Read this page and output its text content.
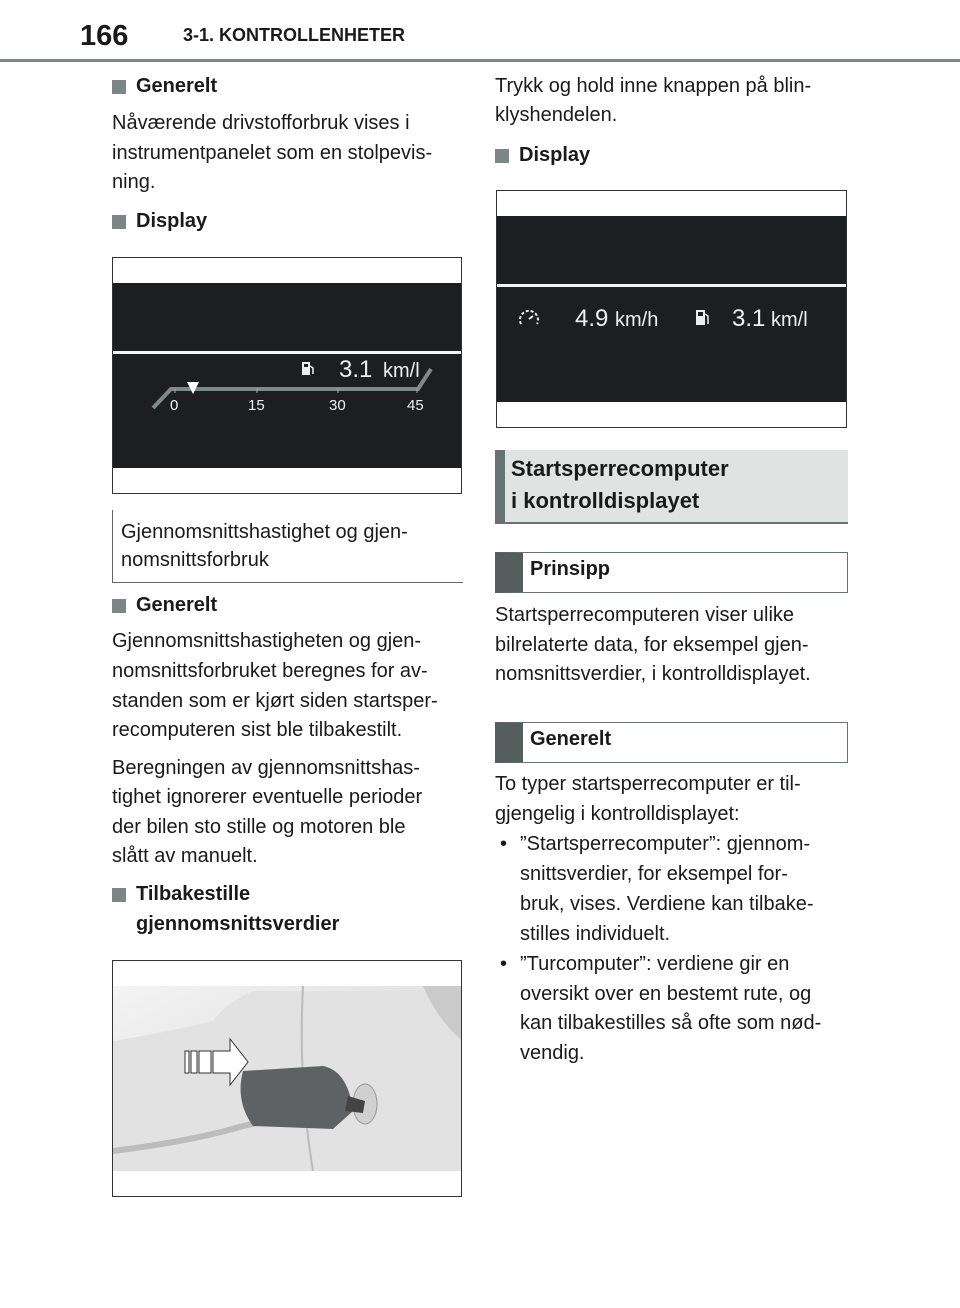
166	3-1. KONTROLLENHETER
Generelt
Nåværende drivstofforbruk vises i
instrumentpanelet som en stolpevis-
ning.
Display
3.1 km/l
0	15	30	45
Gjennomsnittshastighet og gjen-
nomsnittsforbruk
Generelt
Gjennomsnittshastigheten og gjen-
nomsnittsforbruket beregnes for av-
standen som er kjørt siden startsper-
recomputeren sist ble tilbakestilt.
Beregningen av gjennomsnittshas-
tighet ignorerer eventuelle perioder
der bilen sto stille og motoren ble
slått av manuelt.
Tilbakestille
gjennomsnittsverdier
Trykk og hold inne knappen på blin-
klyshendelen.
Display
4.9 km/h	3.1 km/l
Startsperrecomputer
i kontrolldisplayet
Prinsipp
Startsperrecomputeren viser ulike
bilrelaterte data, for eksempel gjen-
nomsnittsverdier, i kontrolldisplayet.
Generelt
To typer startsperrecomputer er til-
gjengelig i kontrolldisplayet:
• ”Startsperrecomputer”: gjennom-
snittsverdier, for eksempel for-
bruk, vises. Verdiene kan tilbake-
stilles individuelt.
• ”Turcomputer”: verdiene gir en
oversikt over en bestemt rute, og
kan tilbakestilles så ofte som nød-
vendig.
